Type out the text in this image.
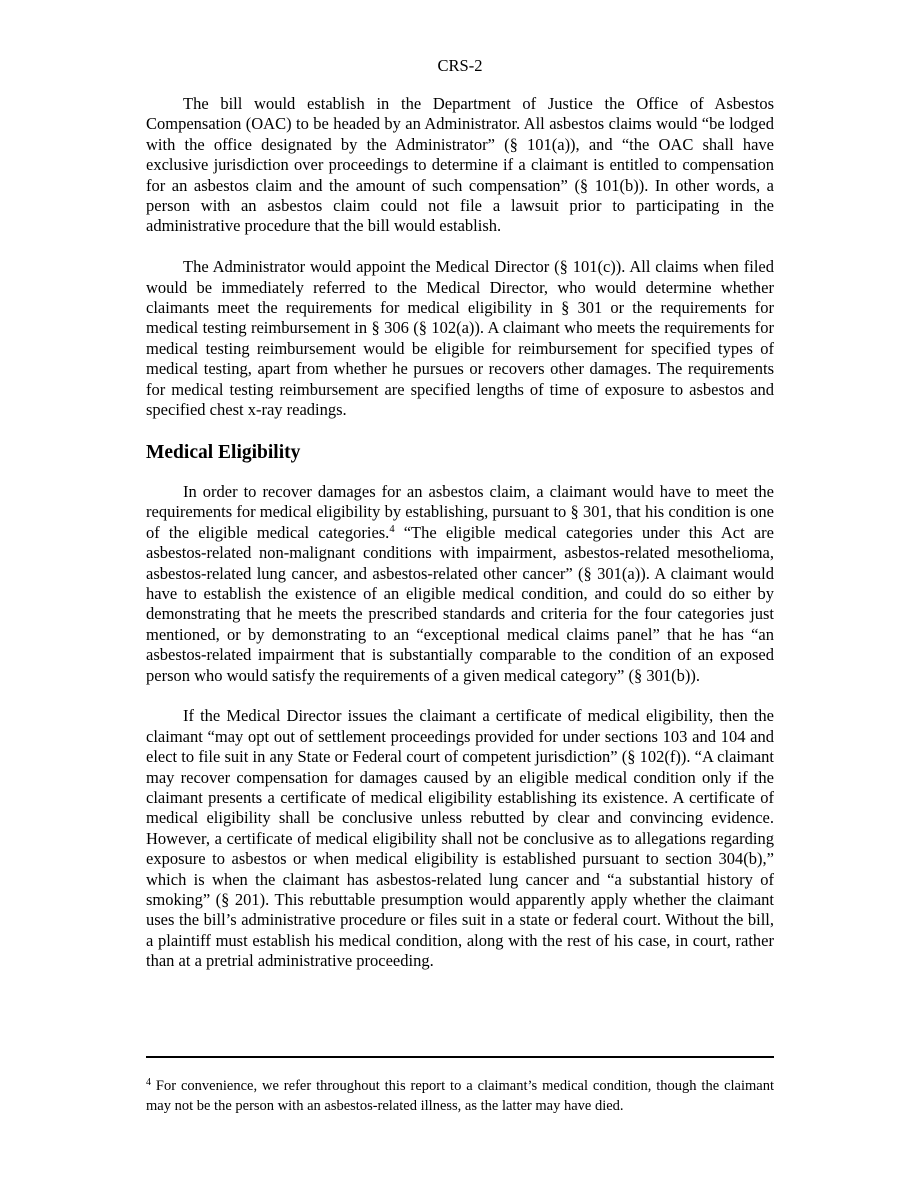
CRS-2

The bill would establish in the Department of Justice the Office of Asbestos Compensation (OAC) to be headed by an Administrator. All asbestos claims would “be lodged with the office designated by the Administrator” (§ 101(a)), and “the OAC shall have exclusive jurisdiction over proceedings to determine if a claimant is entitled to compensation for an asbestos claim and the amount of such compensation” (§ 101(b)). In other words, a person with an asbestos claim could not file a lawsuit prior to participating in the administrative procedure that the bill would establish.

The Administrator would appoint the Medical Director (§ 101(c)). All claims when filed would be immediately referred to the Medical Director, who would determine whether claimants meet the requirements for medical eligibility in § 301 or the requirements for medical testing reimbursement in § 306 (§ 102(a)). A claimant who meets the requirements for medical testing reimbursement would be eligible for reimbursement for specified types of medical testing, apart from whether he pursues or recovers other damages. The requirements for medical testing reimbursement are specified lengths of time of exposure to asbestos and specified chest x-ray readings.

Medical Eligibility

In order to recover damages for an asbestos claim, a claimant would have to meet the requirements for medical eligibility by establishing, pursuant to § 301, that his condition is one of the eligible medical categories.$^4$ “The eligible medical categories under this Act are asbestos-related non-malignant conditions with impairment, asbestos-related mesothelioma, asbestos-related lung cancer, and asbestos-related other cancer” (§ 301(a)). A claimant would have to establish the existence of an eligible medical condition, and could do so either by demonstrating that he meets the prescribed standards and criteria for the four categories just mentioned, or by demonstrating to an “exceptional medical claims panel” that he has “an asbestos-related impairment that is substantially comparable to the condition of an exposed person who would satisfy the requirements of a given medical category” (§ 301(b)).

If the Medical Director issues the claimant a certificate of medical eligibility, then the claimant “may opt out of settlement proceedings provided for under sections 103 and 104 and elect to file suit in any State or Federal court of competent jurisdiction” (§ 102(f)). “A claimant may recover compensation for damages caused by an eligible medical condition only if the claimant presents a certificate of medical eligibility establishing its existence. A certificate of medical eligibility shall be conclusive unless rebutted by clear and convincing evidence. However, a certificate of medical eligibility shall not be conclusive as to allegations regarding exposure to asbestos or when medical eligibility is established pursuant to section 304(b),” which is when the claimant has asbestos-related lung cancer and “a substantial history of smoking” (§ 201). This rebuttable presumption would apparently apply whether the claimant uses the bill’s administrative procedure or files suit in a state or federal court. Without the bill, a plaintiff must establish his medical condition, along with the rest of his case, in court, rather than at a pretrial administrative proceeding.

$^4$ For convenience, we refer throughout this report to a claimant’s medical condition, though the claimant may not be the person with an asbestos-related illness, as the latter may have died.
